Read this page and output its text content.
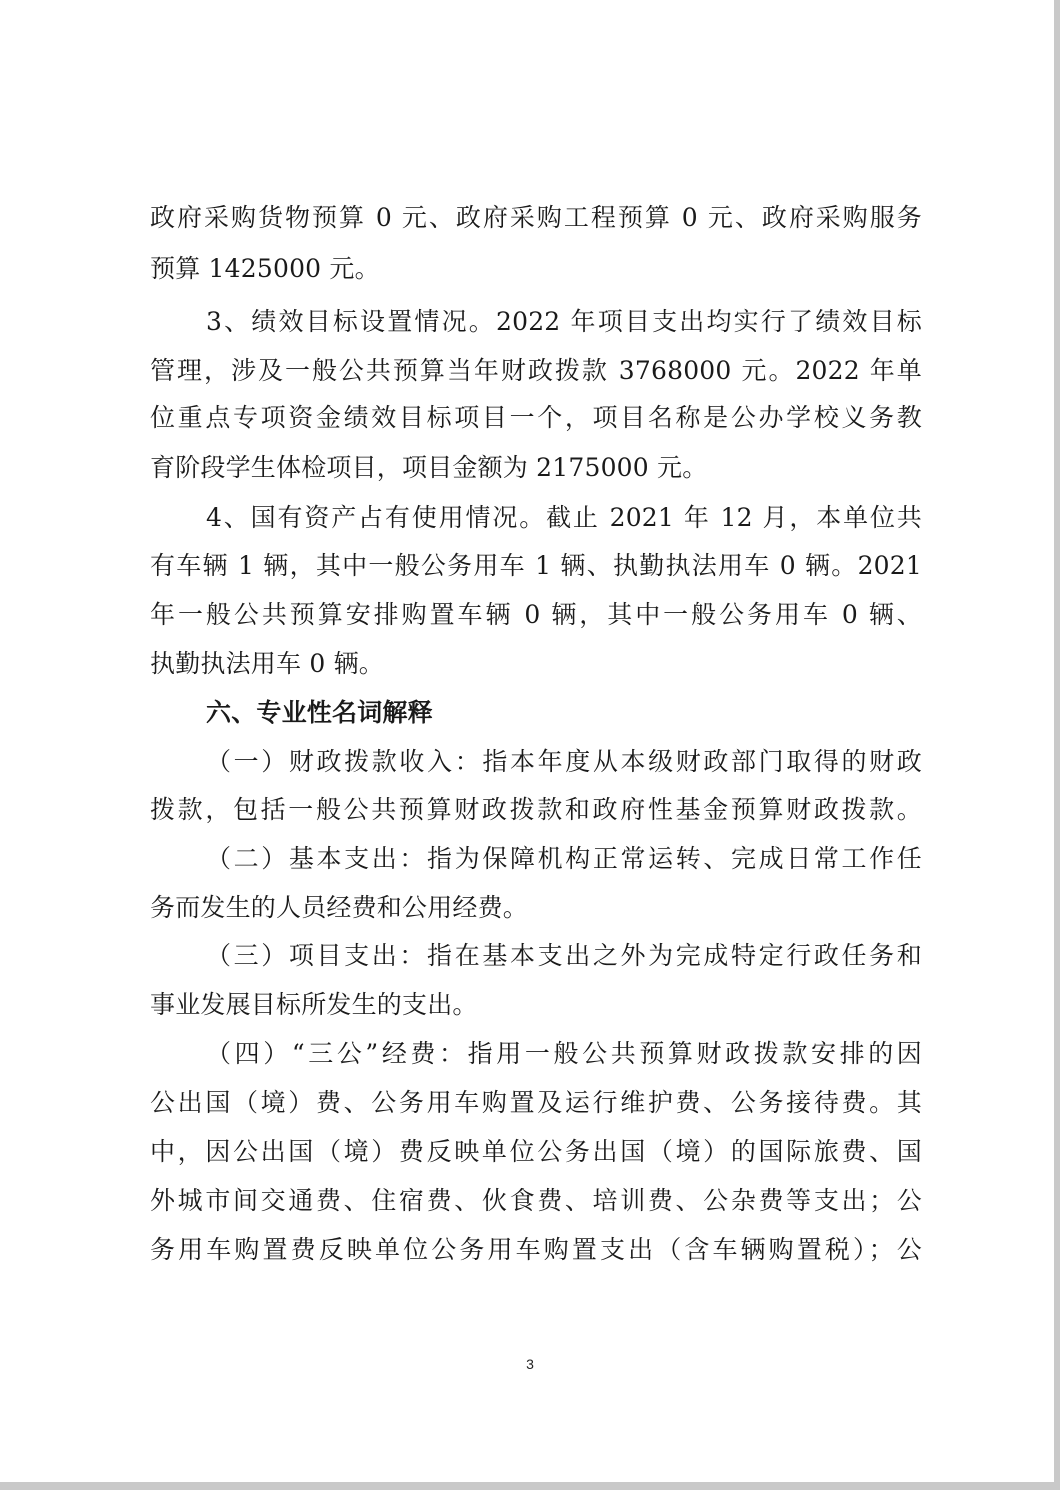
政府采购货物预算 0 元、政府采购工程预算 0 元、政府采购服务
预算 1425000 元。
3、绩效目标设置情况。2022 年项目支出均实行了绩效目标
管理，涉及一般公共预算当年财政拨款 3768000 元。2022 年单
位重点专项资金绩效目标项目一个，项目名称是公办学校义务教
育阶段学生体检项目，项目金额为 2175000 元。
4、国有资产占有使用情况。截止 2021 年 12 月，本单位共
有车辆 1 辆，其中一般公务用车 1 辆、执勤执法用车 0 辆。2021
年一般公共预算安排购置车辆 0 辆，其中一般公务用车 0 辆、
执勤执法用车 0 辆。
六、专业性名词解释
（一）财政拨款收入：指本年度从本级财政部门取得的财政
拨款，包括一般公共预算财政拨款和政府性基金预算财政拨款。
（二）基本支出：指为保障机构正常运转、完成日常工作任
务而发生的人员经费和公用经费。
（三）项目支出：指在基本支出之外为完成特定行政任务和
事业发展目标所发生的支出。
（四）“三公”经费：指用一般公共预算财政拨款安排的因
公出国（境）费、公务用车购置及运行维护费、公务接待费。其
中，因公出国（境）费反映单位公务出国（境）的国际旅费、国
外城市间交通费、住宿费、伙食费、培训费、公杂费等支出；公
务用车购置费反映单位公务用车购置支出（含车辆购置税）；公
3
